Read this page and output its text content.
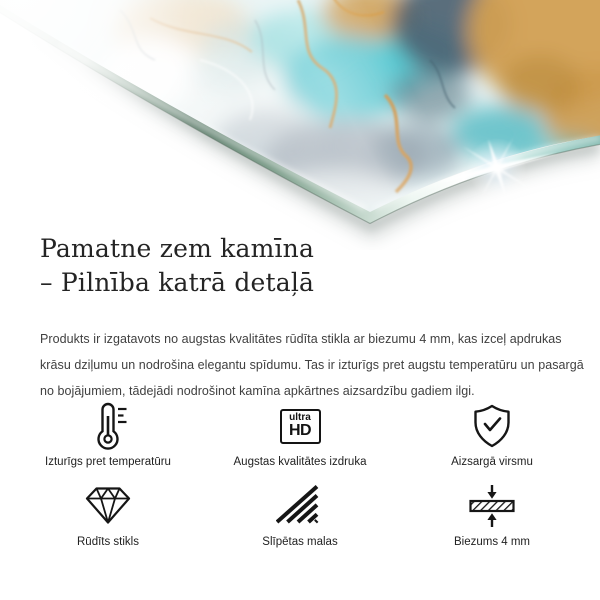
Pamatne zem kamīna
– Pilnība katrā detaļā

Produkts ir izgatavots no augstas kvalitātes rūdīta stikla ar biezumu 4 mm, kas izceļ apdrukas krāsu dziļumu un nodrošina elegantu spīdumu. Tas ir izturīgs pret augstu temperatūru un pasargā no bojājumiem, tādejādi nodrošinot kamīna apkārtnes aizsardzību gadiem ilgi.

Izturīgs pret temperatūru
ultra
HD
Augstas kvalitātes izdruka	Aizsargā virsmu
Rūdīts stikls	Slīpētas malas	Biezums 4 mm
